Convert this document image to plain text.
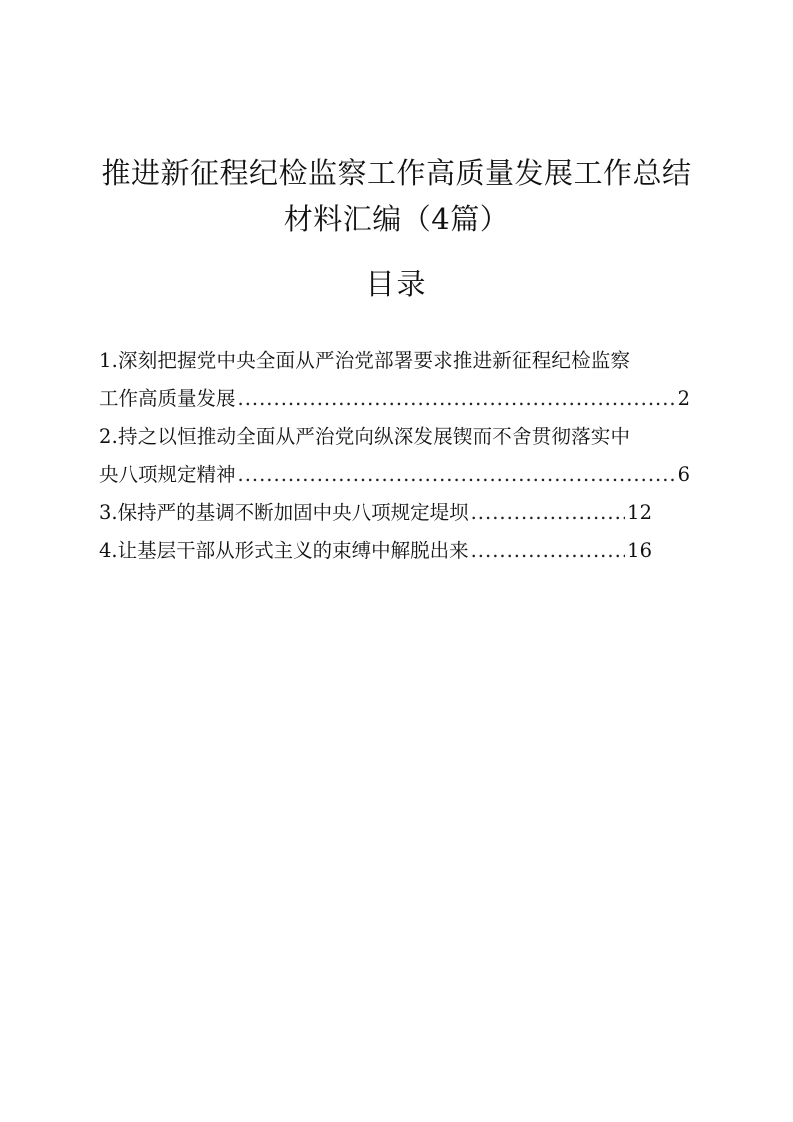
推进新征程纪检监察工作高质量发展工作总结
材料汇编（4篇）
目录
1.深刻把握党中央全面从严治党部署要求推进新征程纪检监察
工作高质量发展 .....	2
2.持之以恒推动全面从严治党向纵深发展锲而不舍贯彻落实中
央八项规定精神 .....	6
3.保持严的基调不断加固中央八项规定堤坝 .....	12
4.让基层干部从形式主义的束缚中解脱出来 .....	16
